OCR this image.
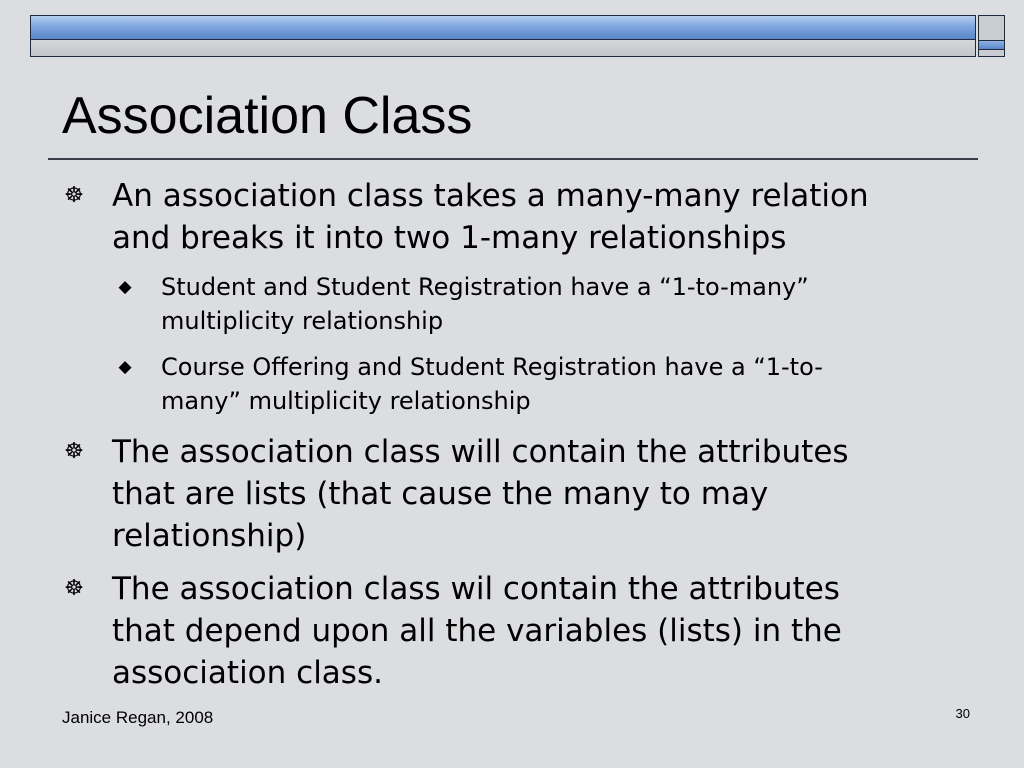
Association Class
☸ An association class takes a many-many relation
and breaks it into two 1-many relationships
◆ Student and Student Registration have a “1-to-many”
multiplicity relationship
◆ Course Offering and Student Registration have a “1-to-
many” multiplicity relationship
☸ The association class will contain the attributes
that are lists (that cause the many to may
relationship)
☸ The association class wil contain the attributes
that depend upon all the variables (lists) in the
association class.
Janice Regan, 2008	30
